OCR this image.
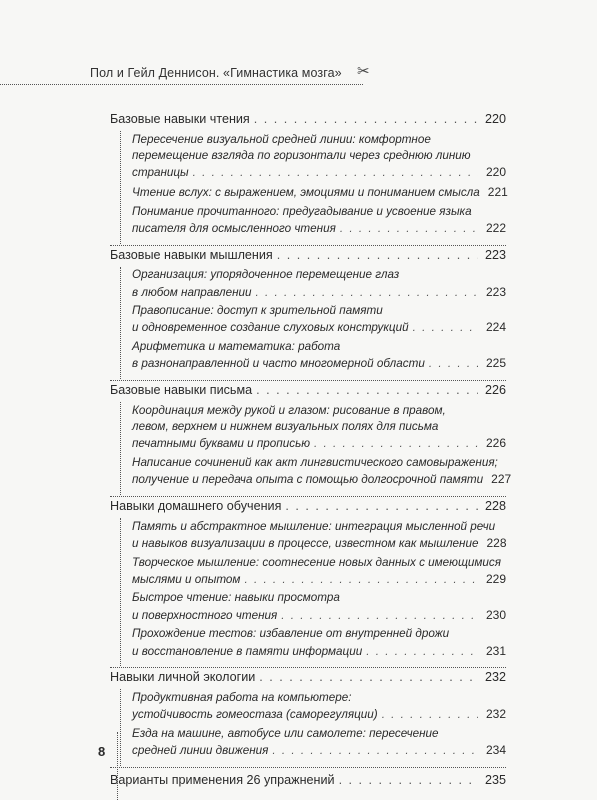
Пол и Гейл Деннисон. «Гимнастика мозга»	✂
Базовые навыки чтения . . .	220
Пересечение визуальной средней линии: комфортное
перемещение взгляда по горизонтали через среднюю линию
страницы . . .	220
Чтение вслух: с выражением, эмоциями и пониманием смысла 221
Понимание прочитанного: предугадывание и усвоение языка
писателя для осмысленного чтения . . .	222
Базовые навыки мышления . . .	223
Организация: упорядоченное перемещение глаз
в любом направлении . . .	223
Правописание: доступ к зрительной памяти
и одновременное создание слуховых конструкций . . .	224
Арифметика и математика: работа
в разнонаправленной и часто многомерной области . . .	225
Базовые навыки письма . . .	226
Координация между рукой и глазом: рисование в правом,
левом, верхнем и нижнем визуальных полях для письма
печатными буквами и прописью . . .	226
Написание сочинений как акт лингвистического самовыражения;
получение и передача опыта с помощью долгосрочной памяти 227
Навыки домашнего обучения . . .	228
Память и абстрактное мышление: интеграция мысленной речи
и навыков визуализации в процессе, известном как мышление 228
Творческое мышление: соотнесение новых данных с имеющимися
мыслями и опытом . . .	229
Быстрое чтение: навыки просмотра
и поверхностного чтения . . .	230
Прохождение тестов: избавление от внутренней дрожи
и восстановление в памяти информации . . .	231
Навыки личной экологии . . .	232
Продуктивная работа на компьютере:
устойчивость гомеостаза (саморегуляции) . . .	232
Езда на машине, автобусе или самолете: пересечение
средней линии движения . . .	234
Варианты применения 26 упражнений . . .	235
8
